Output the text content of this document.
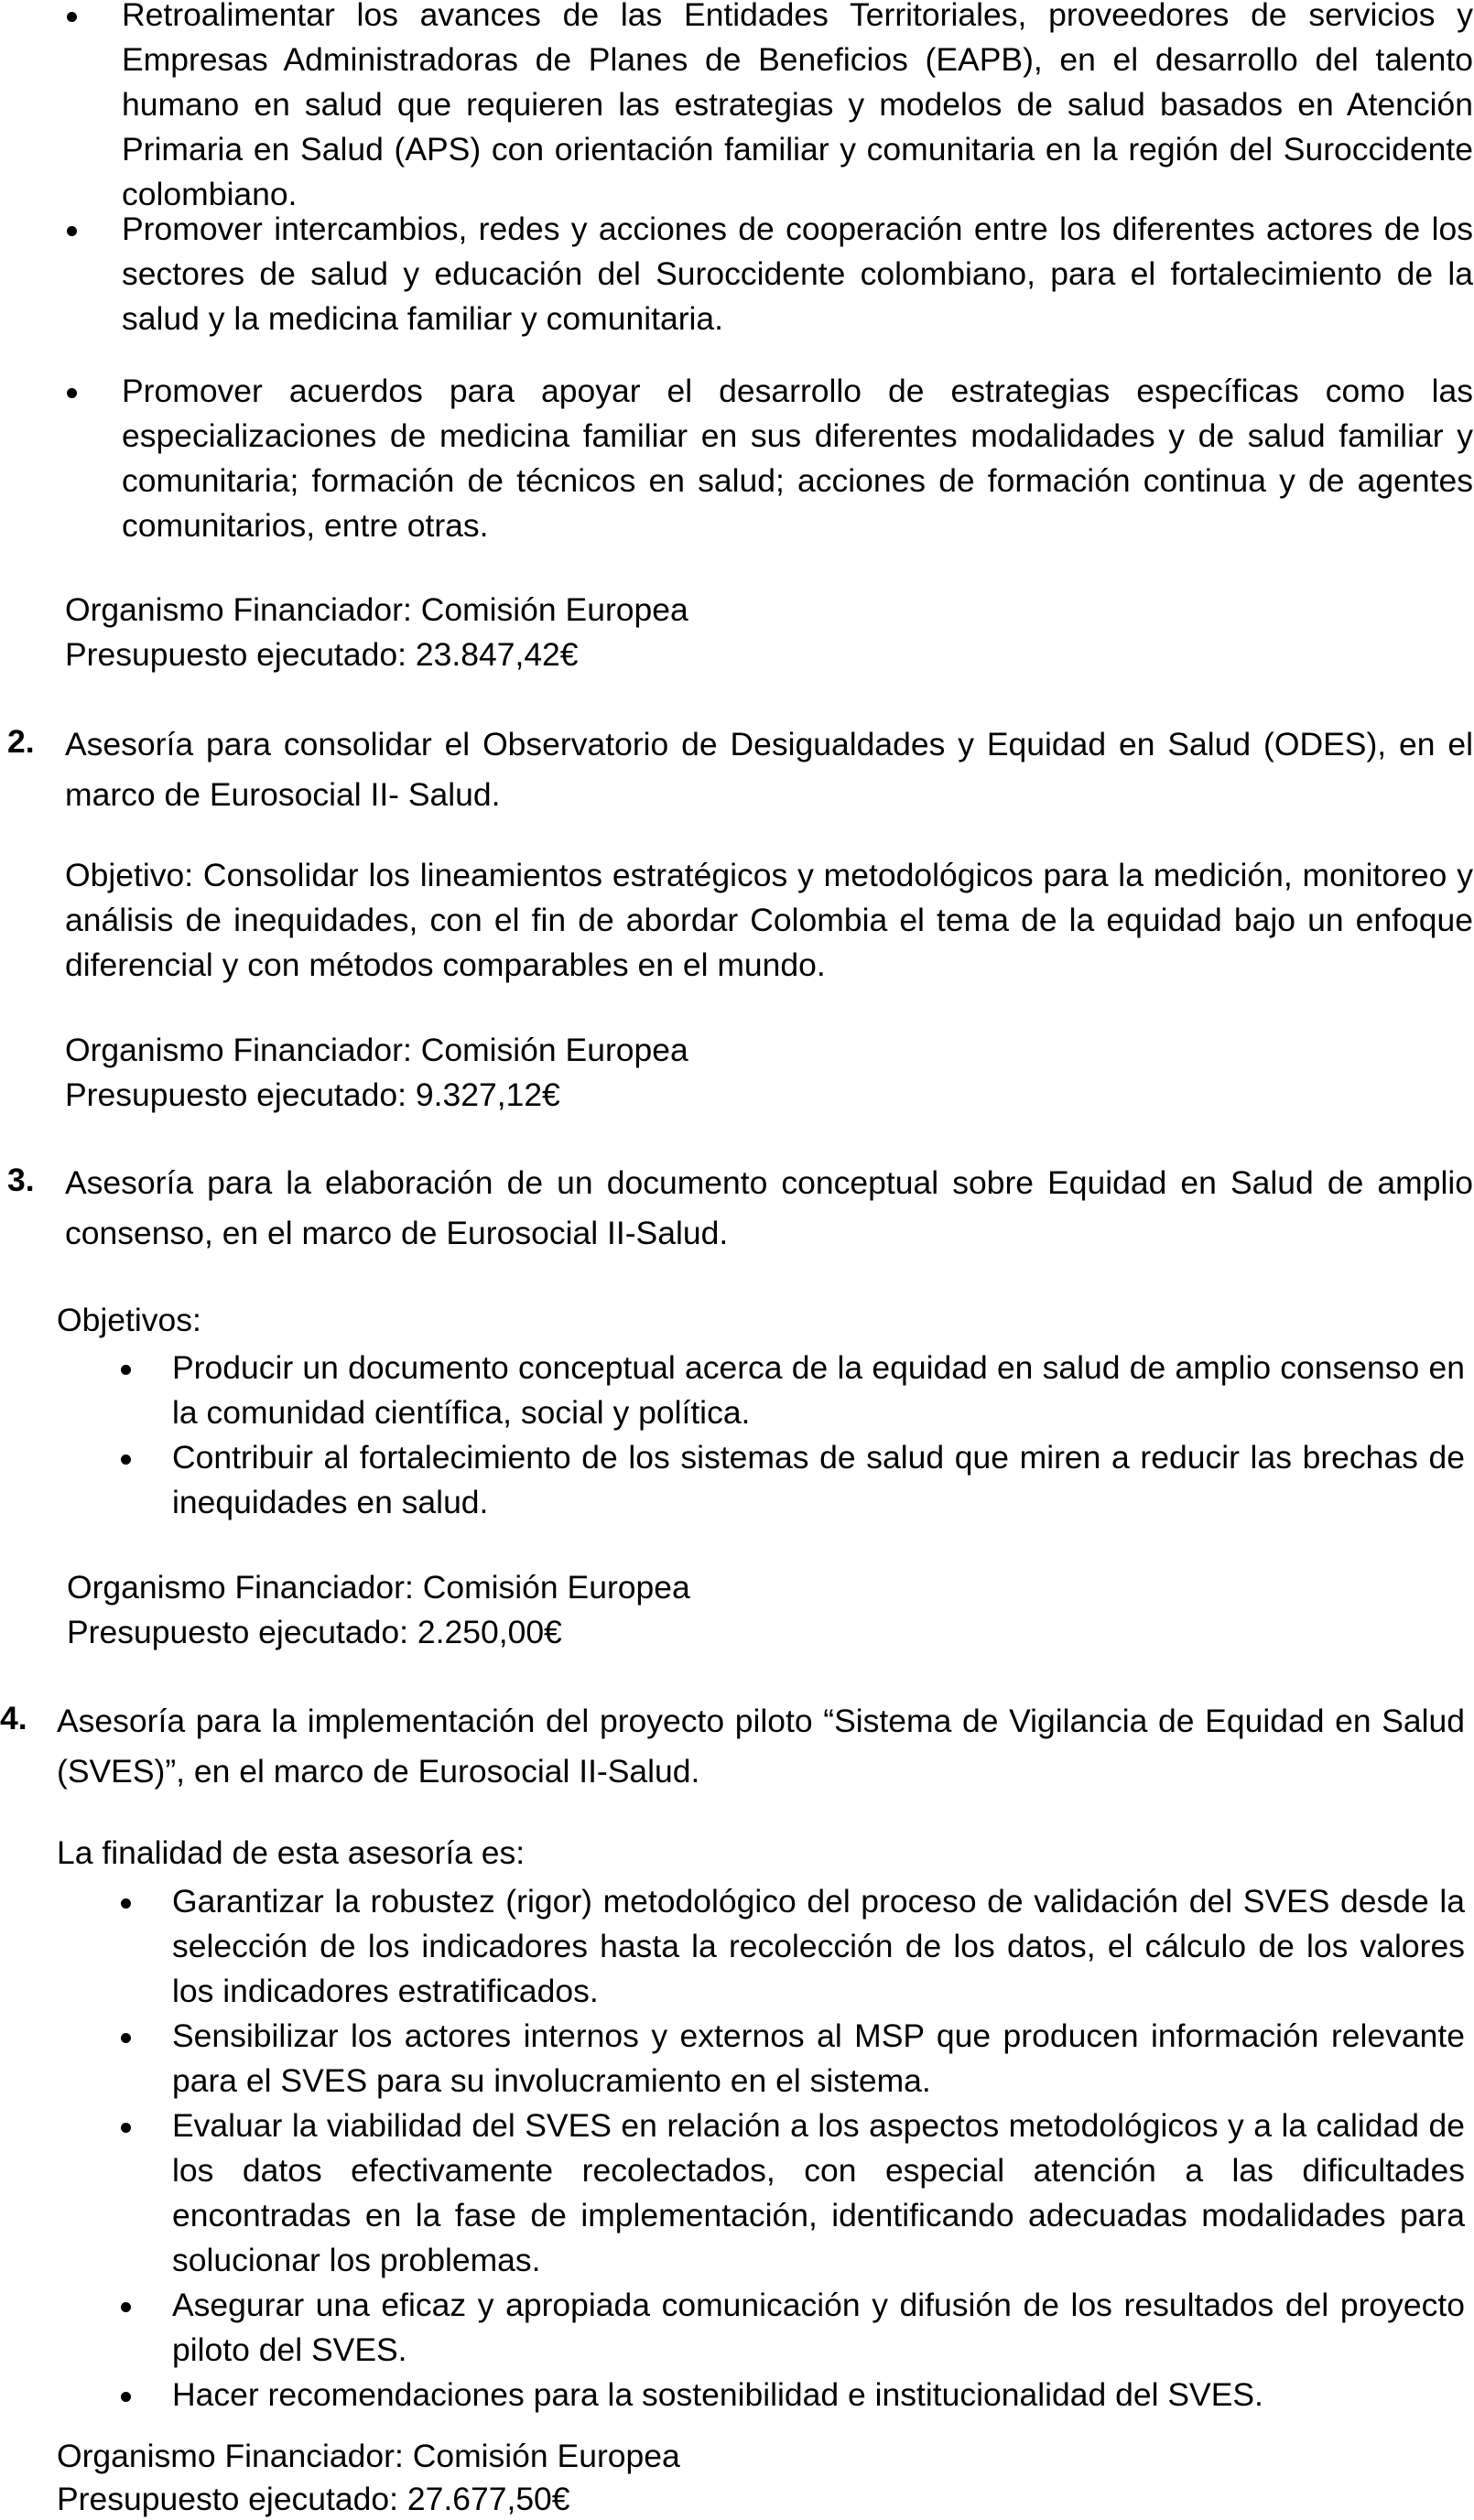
Retroalimentar los avances de las Entidades Territoriales, proveedores de servicios y Empresas Administradoras de Planes de Beneficios (EAPB), en el desarrollo del talento humano en salud que requieren las estrategias y modelos de salud basados en Atención Primaria en Salud (APS) con orientación familiar y comunitaria en la región del Suroccidente colombiano.

Promover intercambios, redes y acciones de cooperación entre los diferentes actores de los sectores de salud y educación del Suroccidente colombiano, para el fortalecimiento de la salud y la medicina familiar y comunitaria.

Promover acuerdos para apoyar el desarrollo de estrategias específicas como las especializaciones de medicina familiar en sus diferentes modalidades y de salud familiar y comunitaria; formación de técnicos en salud; acciones de formación continua y de agentes comunitarios, entre otras.

Organismo Financiador: Comisión Europea

Presupuesto ejecutado: 23.847,42€

2. Asesoría para consolidar el Observatorio de Desigualdades y Equidad en Salud (ODES), en el marco de Eurosocial II- Salud.

Objetivo: Consolidar los lineamientos estratégicos y metodológicos para la medición, monitoreo y análisis de inequidades, con el fin de abordar Colombia el tema de la equidad bajo un enfoque diferencial y con métodos comparables en el mundo.

Organismo Financiador: Comisión Europea

Presupuesto ejecutado: 9.327,12€

3. Asesoría para la elaboración de un documento conceptual sobre Equidad en Salud de amplio consenso, en el marco de Eurosocial II-Salud.

Objetivos:

Producir un documento conceptual acerca de la equidad en salud de amplio consenso en la comunidad científica, social y política.

Contribuir al fortalecimiento de los sistemas de salud que miren a reducir las brechas de inequidades en salud.

Organismo Financiador: Comisión Europea

Presupuesto ejecutado: 2.250,00€

4. Asesoría para la implementación del proyecto piloto “Sistema de Vigilancia de Equidad en Salud (SVES)”, en el marco de Eurosocial II-Salud.

La finalidad de esta asesoría es:

Garantizar la robustez (rigor) metodológico del proceso de validación del SVES desde la selección de los indicadores hasta la recolección de los datos, el cálculo de los valores los indicadores estratificados.

Sensibilizar los actores internos y externos al MSP que producen información relevante para el SVES para su involucramiento en el sistema.

Evaluar la viabilidad del SVES en relación a los aspectos metodológicos y a la calidad de los datos efectivamente recolectados, con especial atención a las dificultades encontradas en la fase de implementación, identificando adecuadas modalidades para solucionar los problemas.

Asegurar una eficaz y apropiada comunicación y difusión de los resultados del proyecto piloto del SVES.

Hacer recomendaciones para la sostenibilidad e institucionalidad del SVES.

Organismo Financiador: Comisión Europea

Presupuesto ejecutado: 27.677,50€
